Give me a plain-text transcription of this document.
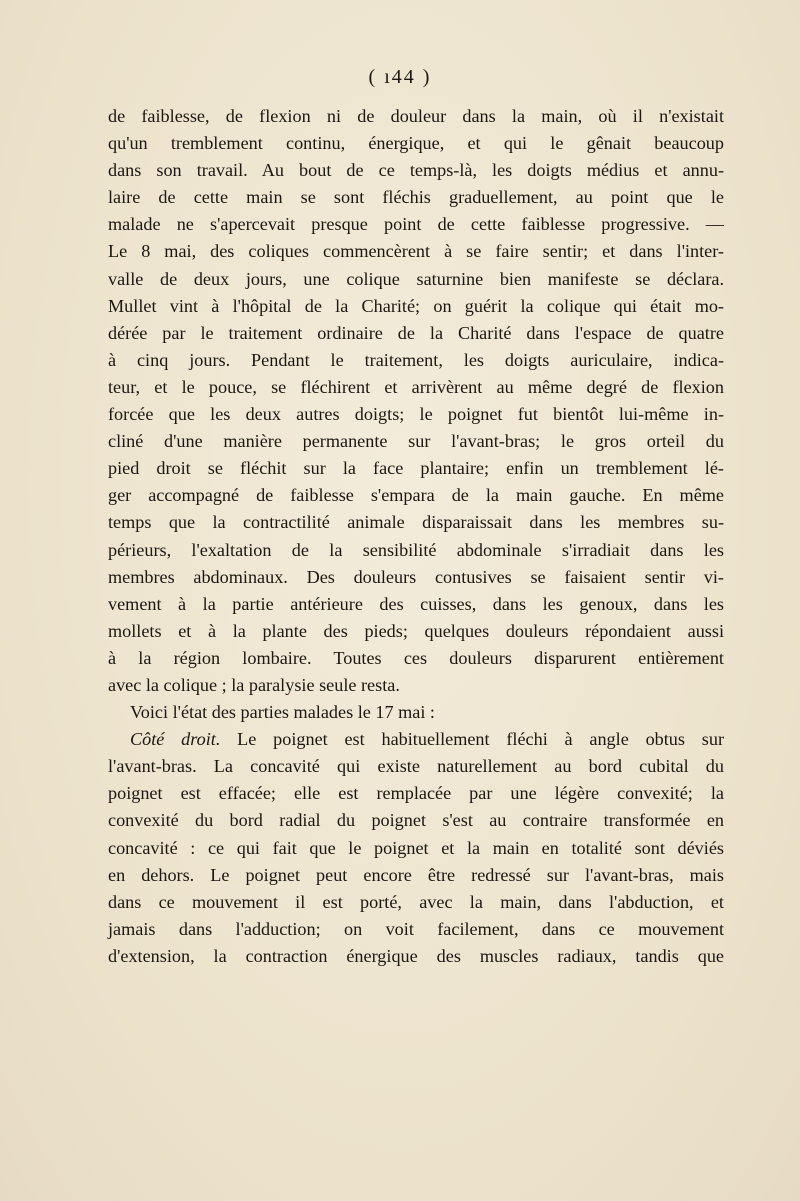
( ı44 )
de faiblesse, de flexion ni de douleur dans la main, où il n'existait
qu'un tremblement continu, énergique, et qui le gênait beaucoup
dans son travail. Au bout de ce temps-là, les doigts médius et annu-
laire de cette main se sont fléchis graduellement, au point que le
malade ne s'apercevait presque point de cette faiblesse progressive. —
Le 8 mai, des coliques commencèrent à se faire sentir; et dans l'inter-
valle de deux jours, une colique saturnine bien manifeste se déclara.
Mullet vint à l'hôpital de la Charité; on guérit la colique qui était mo-
dérée par le traitement ordinaire de la Charité dans l'espace de quatre
à cinq jours. Pendant le traitement, les doigts auriculaire, indica-
teur, et le pouce, se fléchirent et arrivèrent au même degré de flexion
forcée que les deux autres doigts; le poignet fut bientôt lui-même in-
cliné d'une manière permanente sur l'avant-bras; le gros orteil du
pied droit se fléchit sur la face plantaire; enfin un tremblement lé-
ger accompagné de faiblesse s'empara de la main gauche. En même
temps que la contractilité animale disparaissait dans les membres su-
périeurs, l'exaltation de la sensibilité abdominale s'irradiait dans les
membres abdominaux. Des douleurs contusives se faisaient sentir vi-
vement à la partie antérieure des cuisses, dans les genoux, dans les
mollets et à la plante des pieds; quelques douleurs répondaient aussi
à la région lombaire. Toutes ces douleurs disparurent entièrement
avec la colique ; la paralysie seule resta.
Voici l'état des parties malades le 17 mai :
Côté droit. Le poignet est habituellement fléchi à angle obtus sur
l'avant-bras. La concavité qui existe naturellement au bord cubital du
poignet est effacée; elle est remplacée par une légère convexité; la
convexité du bord radial du poignet s'est au contraire transformée en
concavité : ce qui fait que le poignet et la main en totalité sont déviés
en dehors. Le poignet peut encore être redressé sur l'avant-bras, mais
dans ce mouvement il est porté, avec la main, dans l'abduction, et
jamais dans l'adduction; on voit facilement, dans ce mouvement
d'extension, la contraction énergique des muscles radiaux, tandis que
